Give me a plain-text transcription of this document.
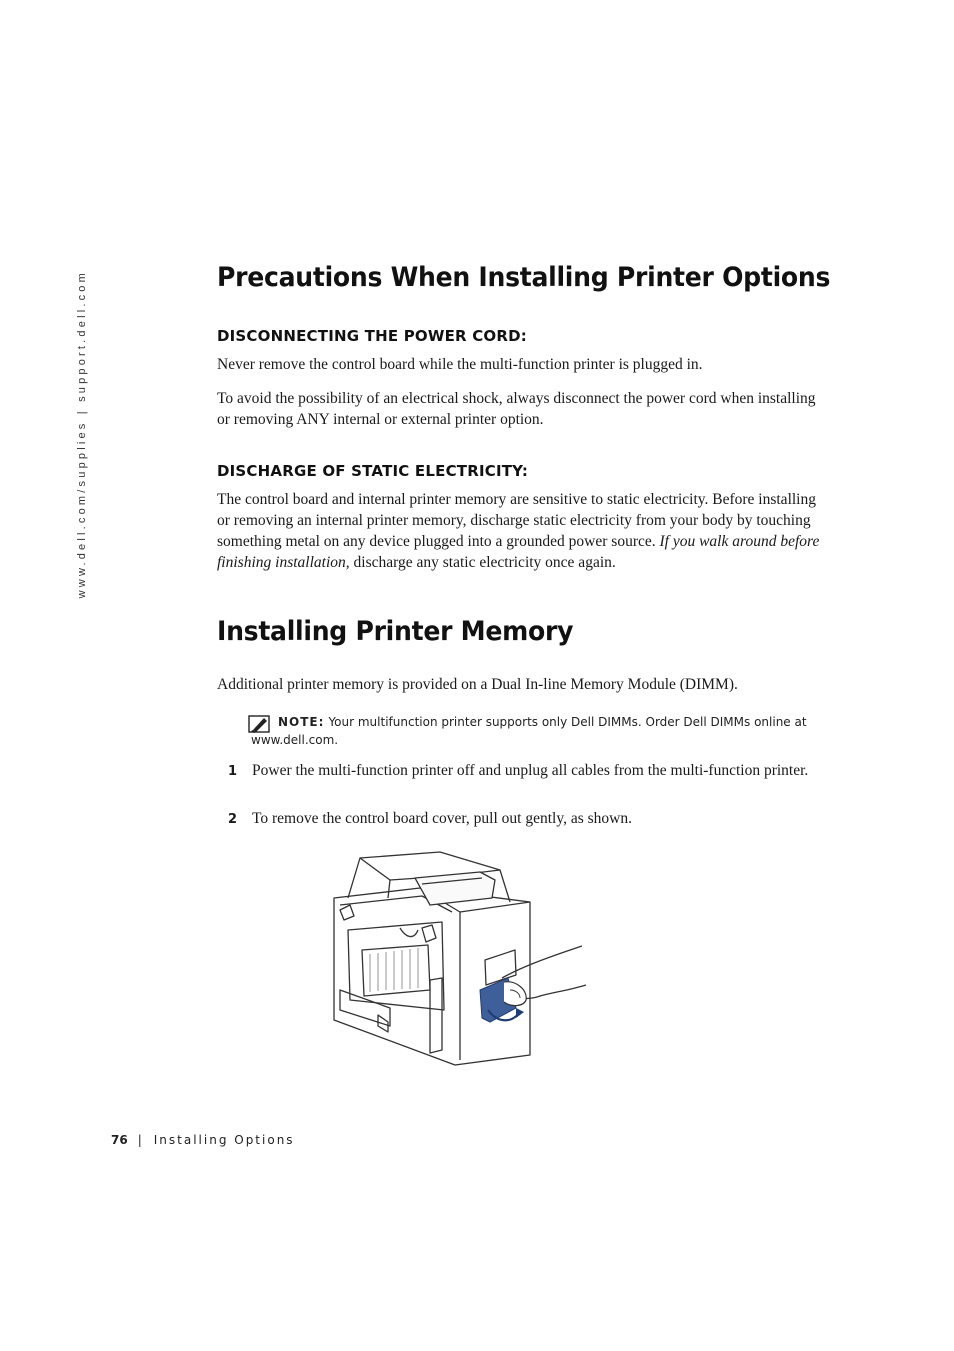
www.dell.com/supplies | support.dell.com	Precautions When Installing Printer Options
DISCONNECTING THE POWER CORD:

Never remove the control board while the multi-function printer is plugged in.

To avoid the possibility of an electrical shock, always disconnect the power cord when installing or removing ANY internal or external printer option.

DISCHARGE OF STATIC ELECTRICITY:

The control board and internal printer memory are sensitive to static electricity. Before installing or removing an internal printer memory, discharge static electricity from your body by touching something metal on any device plugged into a grounded power source. If you walk around before finishing installation, discharge any static electricity once again.

Installing Printer Memory

Additional printer memory is provided on a Dual In-line Memory Module (DIMM).

NOTE: Your multifunction printer supports only Dell DIMMs. Order Dell DIMMs online at www.dell.com.
1 Power the multi-function printer off and unplug all cables from the multi-function printer.
2 To remove the control board cover, pull out gently, as shown.
76 | Installing Options
